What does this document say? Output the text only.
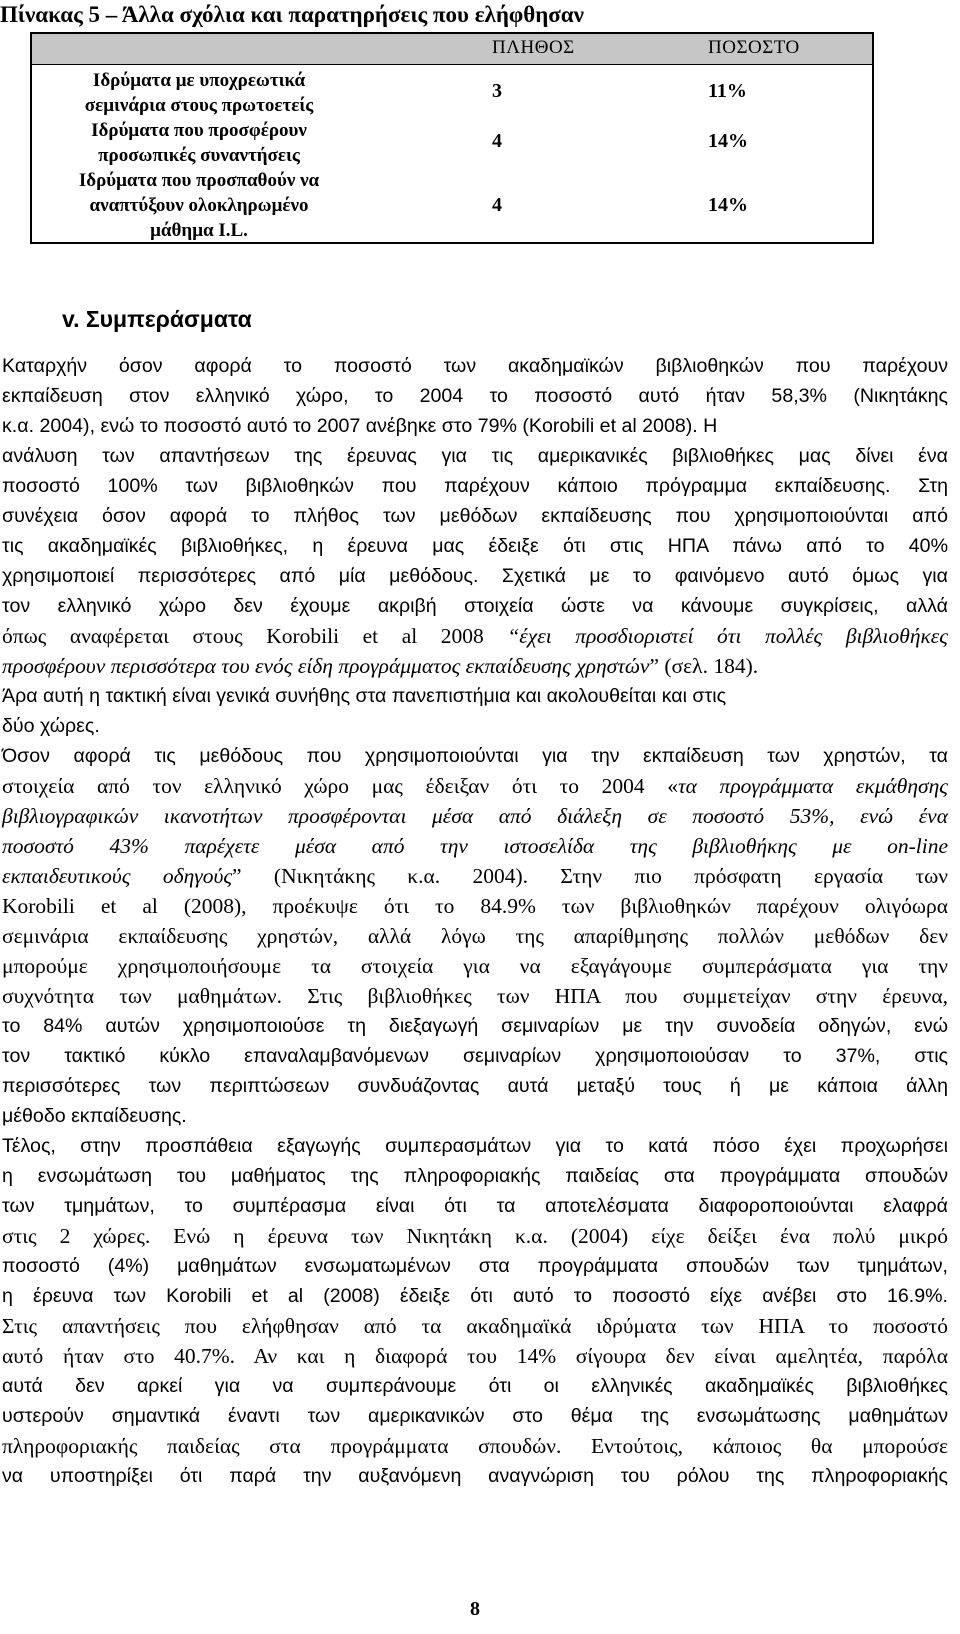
Πίνακας 5 – Άλλα σχόλια και παρατηρήσεις που ελήφθησαν
ΠΛΗΘΟΣ	ΠΟΣΟΣΤΟ
Ιδρύματα με υποχρεωτικά
σεμινάρια στους πρωτοετείς
3	11%
Ιδρύματα που προσφέρουν
προσωπικές συναντήσεις
4	14%
Ιδρύματα που προσπαθούν να
αναπτύξουν ολοκληρωμένο
μάθημα I.L.
4	14%
v. Συμπεράσματα
Καταρχήν όσον αφορά το ποσοστό των ακαδημαϊκών βιβλιοθηκών που παρέχουν
εκπαίδευση στον ελληνικό χώρο, το 2004 το ποσοστό αυτό ήταν 58,3% (Νικητάκης
κ.α. 2004), ενώ το ποσοστό αυτό το 2007 ανέβηκε στο 79% (Korobili et al 2008). Η
ανάλυση των απαντήσεων της έρευνας για τις αμερικανικές βιβλιοθήκες μας δίνει ένα
ποσοστό 100% των βιβλιοθηκών που παρέχουν κάποιο πρόγραμμα εκπαίδευσης. Στη
συνέχεια όσον αφορά το πλήθος των μεθόδων εκπαίδευσης που χρησιμοποιούνται από
τις ακαδημαϊκές βιβλιοθήκες, η έρευνα μας έδειξε ότι στις ΗΠΑ πάνω από το 40%
χρησιμοποιεί περισσότερες από μία μεθόδους. Σχετικά με το φαινόμενο αυτό όμως για
τον ελληνικό χώρο δεν έχουμε ακριβή στοιχεία ώστε να κάνουμε συγκρίσεις, αλλά
όπως αναφέρεται στους Korobili et al 2008 “έχει προσδιοριστεί ότι πολλές βιβλιοθήκες
προσφέρουν περισσότερα του ενός είδη προγράμματος εκπαίδευσης χρηστών” (σελ. 184).
Άρα αυτή η τακτική είναι γενικά συνήθης στα πανεπιστήμια και ακολουθείται και στις
δύο χώρες.
Όσον αφορά τις μεθόδους που χρησιμοποιούνται για την εκπαίδευση των χρηστών, τα
στοιχεία από τον ελληνικό χώρο μας έδειξαν ότι το 2004 «τα προγράμματα εκμάθησης
βιβλιογραφικών ικανοτήτων προσφέρονται μέσα από διάλεξη σε ποσοστό 53%, ενώ ένα
ποσοστό 43% παρέχετε μέσα από την ιστοσελίδα της βιβλιοθήκης με on-line
εκπαιδευτικούς οδηγούς” (Νικητάκης κ.α. 2004). Στην πιο πρόσφατη εργασία των
Korobili et al (2008), προέκυψε ότι το 84.9% των βιβλιοθηκών παρέχουν ολιγόωρα
σεμινάρια εκπαίδευσης χρηστών, αλλά λόγω της απαρίθμησης πολλών μεθόδων δεν
μπορούμε χρησιμοποιήσουμε τα στοιχεία για να εξαγάγουμε συμπεράσματα για την
συχνότητα των μαθημάτων. Στις βιβλιοθήκες των ΗΠΑ που συμμετείχαν στην έρευνα,
το 84% αυτών χρησιμοποιούσε τη διεξαγωγή σεμιναρίων με την συνοδεία οδηγών, ενώ
τον τακτικό κύκλο επαναλαμβανόμενων σεμιναρίων χρησιμοποιούσαν το 37%, στις
περισσότερες των περιπτώσεων συνδυάζοντας αυτά μεταξύ τους ή με κάποια άλλη
μέθοδο εκπαίδευσης.
Τέλος, στην προσπάθεια εξαγωγής συμπερασμάτων για το κατά πόσο έχει προχωρήσει
η ενσωμάτωση του μαθήματος της πληροφοριακής παιδείας στα προγράμματα σπουδών
των τμημάτων, το συμπέρασμα είναι ότι τα αποτελέσματα διαφοροποιούνται ελαφρά
στις 2 χώρες. Ενώ η έρευνα των Νικητάκη κ.α. (2004) είχε δείξει ένα πολύ μικρό
ποσοστό (4%) μαθημάτων ενσωματωμένων στα προγράμματα σπουδών των τμημάτων,
η έρευνα των Korobili et al (2008) έδειξε ότι αυτό το ποσοστό είχε ανέβει στο 16.9%.
Στις απαντήσεις που ελήφθησαν από τα ακαδημαϊκά ιδρύματα των ΗΠΑ το ποσοστό
αυτό ήταν στο 40.7%. Αν και η διαφορά του 14% σίγουρα δεν είναι αμελητέα, παρόλα
αυτά δεν αρκεί για να συμπεράνουμε ότι οι ελληνικές ακαδημαϊκές βιβλιοθήκες
υστερούν σημαντικά έναντι των αμερικανικών στο θέμα της ενσωμάτωσης μαθημάτων
πληροφοριακής παιδείας στα προγράμματα σπουδών. Εντούτοις, κάποιος θα μπορούσε
να υποστηρίξει ότι παρά την αυξανόμενη αναγνώριση του ρόλου της πληροφοριακής
8
